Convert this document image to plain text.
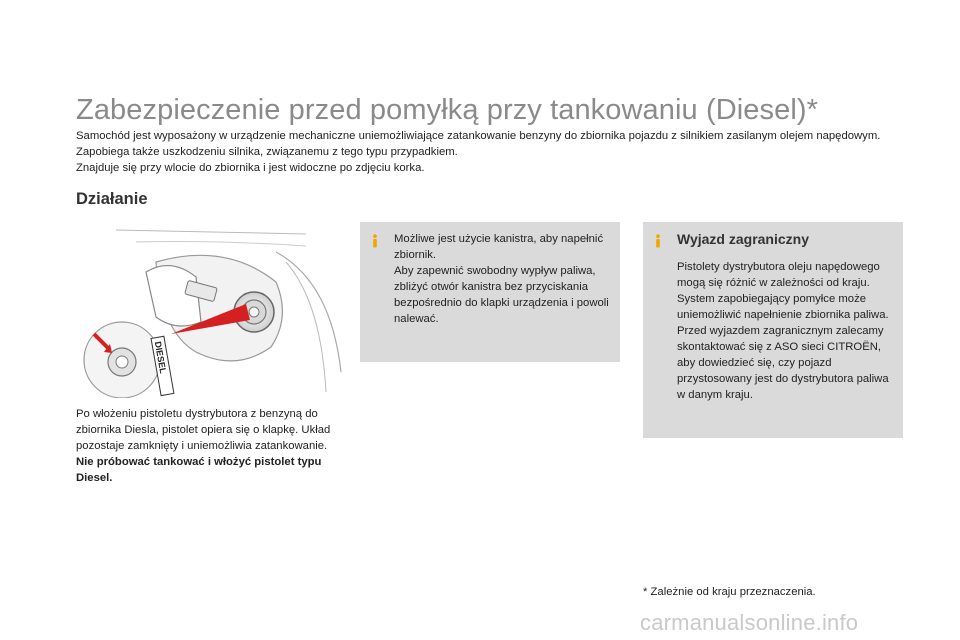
Zabezpieczenie przed pomyłką przy tankowaniu (Diesel)*

Samochód jest wyposażony w urządzenie mechaniczne uniemożliwiające zatankowanie benzyny do zbiornika pojazdu z silnikiem zasilanym olejem napędowym. Zapobiega także uszkodzeniu silnika, związanemu z tego typu przypadkiem.

Znajduje się przy wlocie do zbiornika i jest widoczne po zdjęciu korka.

Działanie
DIESEL

Po włożeniu pistoletu dystrybutora z benzyną do zbiornika Diesla, pistolet opiera się o klapkę. Układ pozostaje zamknięty i uniemożliwia zatankowanie.

Nie próbować tankować i włożyć pistolet typu Diesel.

Możliwe jest użycie kanistra, aby napełnić zbiornik.

Aby zapewnić swobodny wypływ paliwa, zbliżyć otwór kanistra bez przyciskania bezpośrednio do klapki urządzenia i powoli nalewać.

Wyjazd zagraniczny

Pistolety dystrybutora oleju napędowego mogą się różnić w zależności od kraju. System zapobiegający pomyłce może uniemożliwić napełnienie zbiornika paliwa.

Przed wyjazdem zagranicznym zalecamy skontaktować się z ASO sieci CITROËN, aby dowiedzieć się, czy pojazd przystosowany jest do dystrybutora paliwa w danym kraju.

* Zależnie od kraju przeznaczenia.
carmanualsonline.info
